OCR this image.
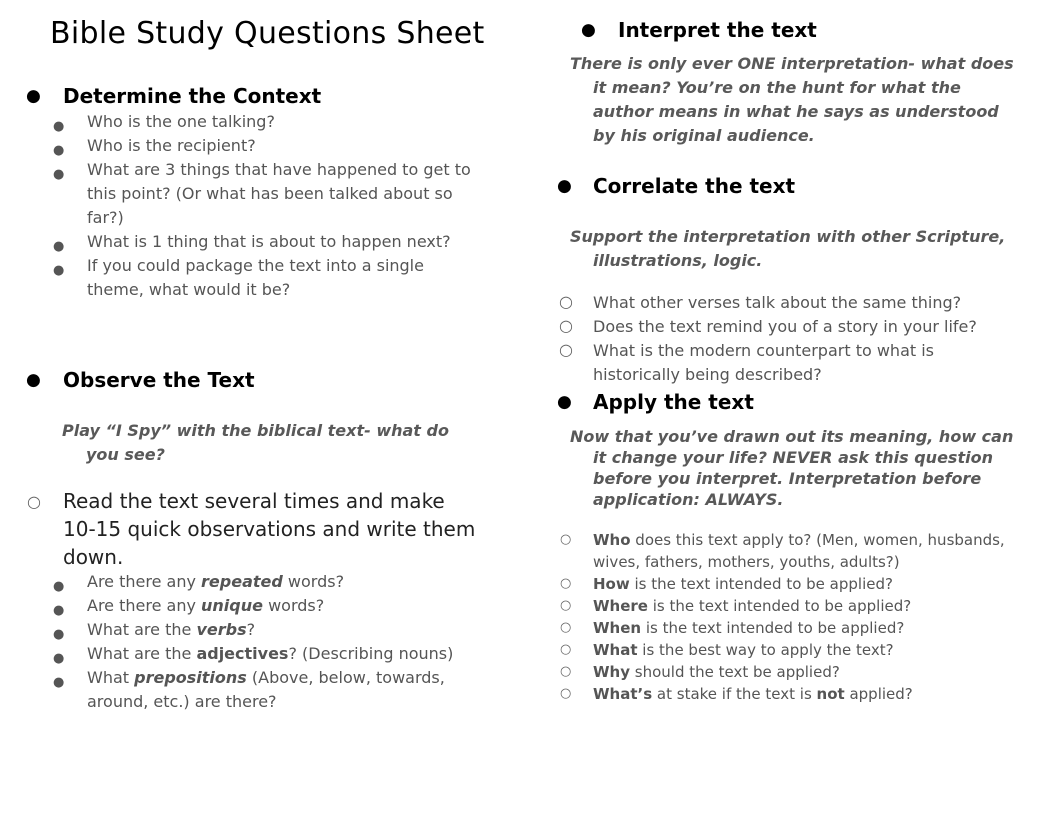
Bible Study Questions Sheet
● Determine the Context
● Who is the one talking?
● Who is the recipient?
● What are 3 things that have happened to get to this point? (Or what has been talked about so far?)
● What is 1 thing that is about to happen next?
● If you could package the text into a single theme, what would it be?
● Observe the Text
Play “I Spy” with the biblical text- what do you see?
○ Read the text several times and make 10-15 quick observations and write them down.
● Are there any repeated words?
● Are there any unique words?
● What are the verbs?
● What are the adjectives? (Describing nouns)
● What prepositions (Above, below, towards, around, etc.) are there?
● Interpret the text
There is only ever ONE interpretation- what does it mean? You’re on the hunt for what the author means in what he says as understood by his original audience.
● Correlate the text
Support the interpretation with other Scripture, illustrations, logic.
○ What other verses talk about the same thing?
○ Does the text remind you of a story in your life?
○ What is the modern counterpart to what is historically being described?
● Apply the text
Now that you’ve drawn out its meaning, how can it change your life? NEVER ask this question before you interpret. Interpretation before application: ALWAYS.
○ Who does this text apply to? (Men, women, husbands, wives, fathers, mothers, youths, adults?)
○ How is the text intended to be applied?
○ Where is the text intended to be applied?
○ When is the text intended to be applied?
○ What is the best way to apply the text?
○ Why should the text be applied?
○ What’s at stake if the text is not applied?
